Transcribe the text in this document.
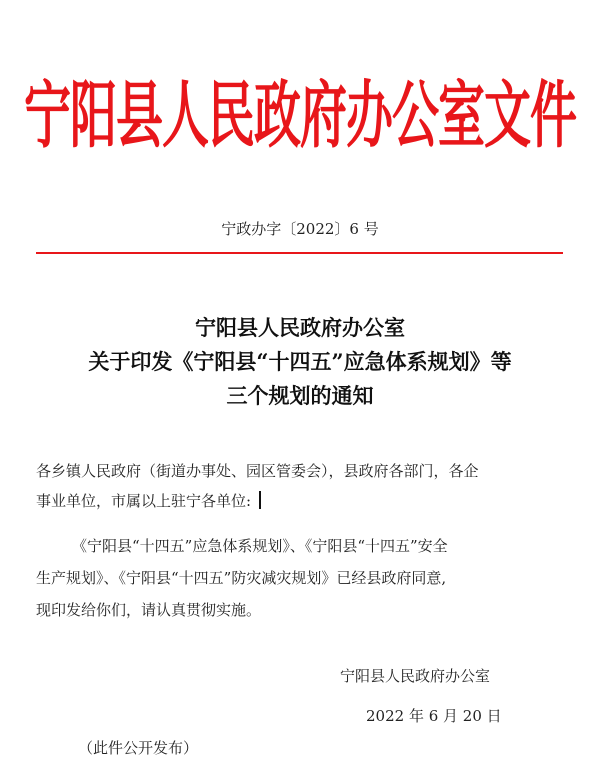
宁阳县人民政府办公室文件
宁政办字〔2022〕6 号
宁阳县人民政府办公室
关于印发《宁阳县“十四五”应急体系规划》等
三个规划的通知
各乡镇人民政府（街道办事处、园区管委会），县政府各部门，各企
事业单位，市属以上驻宁各单位:
《宁阳县“十四五”应急体系规划》、《宁阳县“十四五”安全
生产规划》、《宁阳县“十四五”防灾减灾规划》已经县政府同意,
现印发给你们，请认真贯彻实施。
宁阳县人民政府办公室
2022 年 6 月 20 日
（此件公开发布）
